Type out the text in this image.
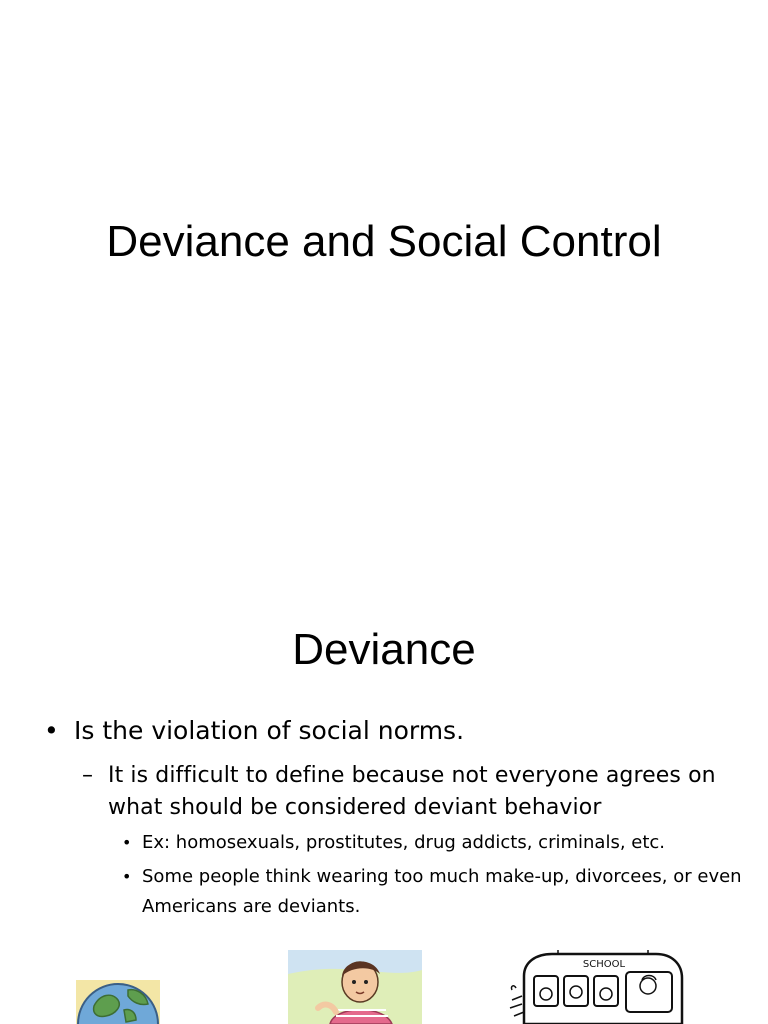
Deviance and Social Control
Deviance
• Is the violation of social norms.
– It is difficult to define because not everyone agrees on what should be considered deviant behavior
• Ex: homosexuals, prostitutes, drug addicts, criminals, etc.
• Some people think wearing too much make-up, divorcees, or even Americans are deviants.
SCHOOL
